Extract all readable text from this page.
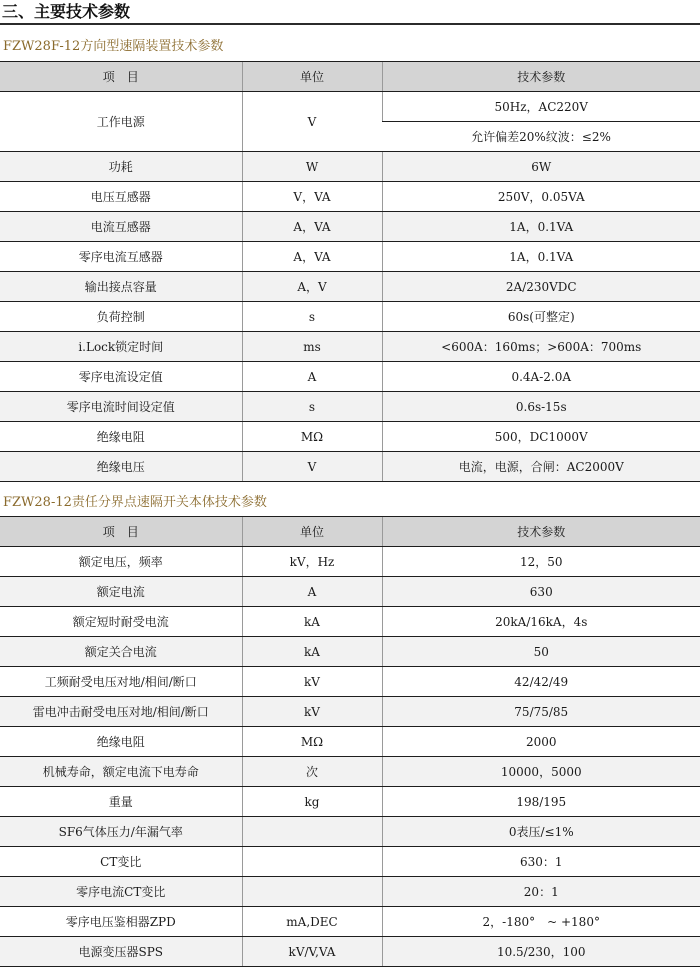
三、主要技术参数
FZW28F-12方向型速隔装置技术参数
项　目	单位	技术参数
工作电源	V	50Hz，AC220V
		允许偏差20%纹波：≤2%
功耗	W	6W
电压互感器	V，VA	250V，0.05VA
电流互感器	A，VA	1A，0.1VA
零序电流互感器	A，VA	1A，0.1VA
输出接点容量	A，V	2A/230VDC
负荷控制	s	60s(可整定)
i.Lock锁定时间	ms	<600A：160ms；>600A：700ms
零序电流设定值	A	0.4A-2.0A
零序电流时间设定值	s	0.6s-15s
绝缘电阻	MΩ	500，DC1000V
绝缘电压	V	电流，电源，合闸：AC2000V
FZW28-12责任分界点速隔开关本体技术参数
项　目	单位	技术参数
额定电压，频率	kV，Hz	12，50
额定电流	A	630
额定短时耐受电流	kA	20kA/16kA，4s
额定关合电流	kA	50
工频耐受电压对地/相间/断口	kV	42/42/49
雷电冲击耐受电压对地/相间/断口	kV	75/75/85
绝缘电阻	MΩ	2000
机械寿命，额定电流下电寿命	次	10000，5000
重量	kg	198/195
SF6气体压力/年漏气率		0表压/≤1%
CT变比		630：1
零序电流CT变比		20：1
零序电压鉴相器ZPD	mA,DEC	2，-180°　~ +180°
电源变压器SPS	kV/V,VA	10.5/230，100
